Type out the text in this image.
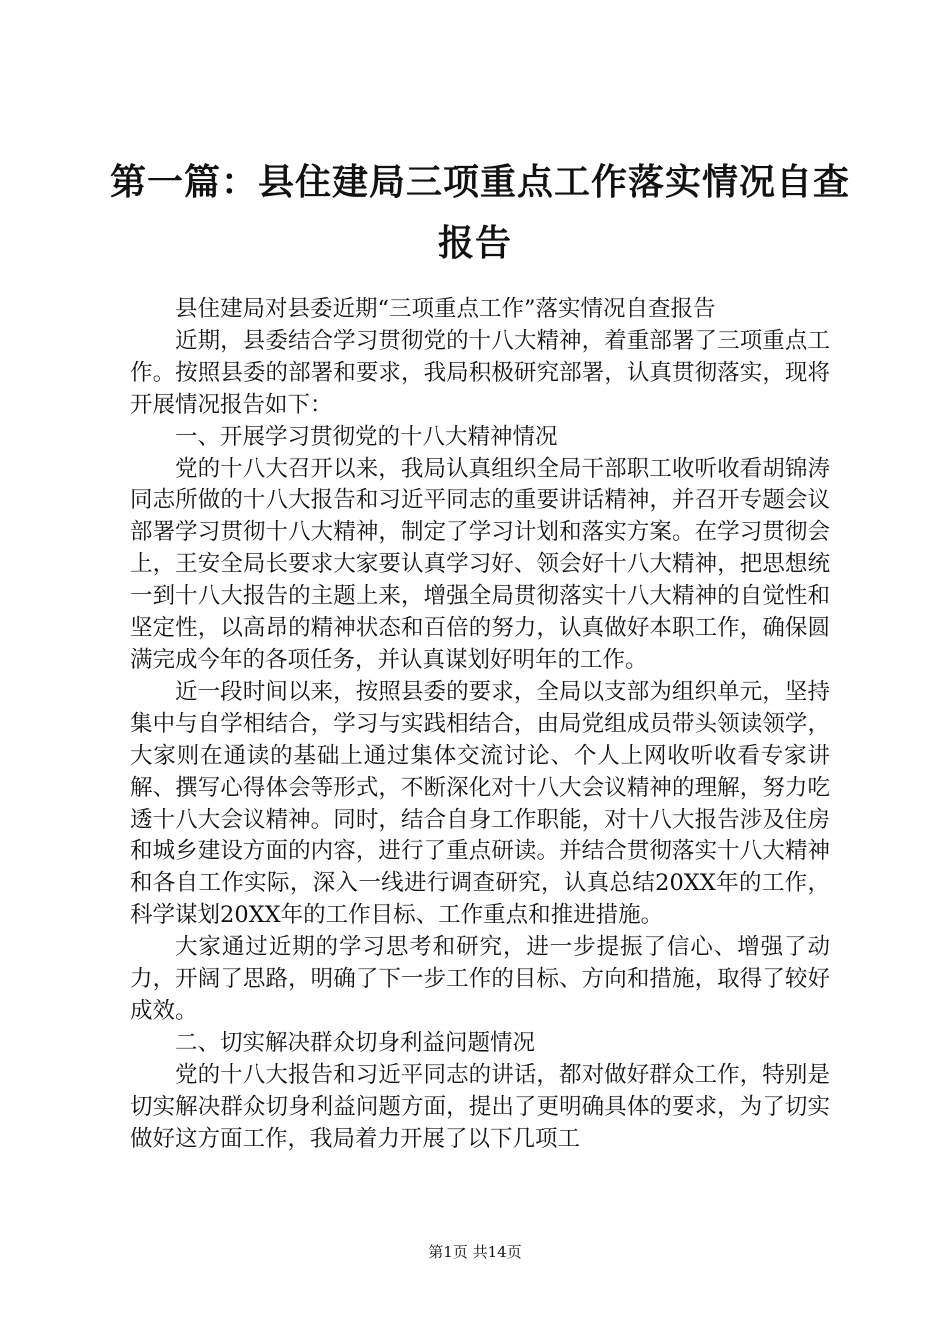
第一篇：县住建局三项重点工作落实情况自查
报告

县住建局对县委近期“三项重点工作”落实情况自查报告

近期，县委结合学习贯彻党的十八大精神，着重部署了三项重点工作。按照县委的部署和要求，我局积极研究部署，认真贯彻落实，现将开展情况报告如下：

一、开展学习贯彻党的十八大精神情况

党的十八大召开以来，我局认真组织全局干部职工收听收看胡锦涛同志所做的十八大报告和习近平同志的重要讲话精神，并召开专题会议部署学习贯彻十八大精神，制定了学习计划和落实方案。在学习贯彻会上，王安全局长要求大家要认真学习好、领会好十八大精神，把思想统一到十八大报告的主题上来，增强全局贯彻落实十八大精神的自觉性和坚定性，以高昂的精神状态和百倍的努力，认真做好本职工作，确保圆满完成今年的各项任务，并认真谋划好明年的工作。

近一段时间以来，按照县委的要求，全局以支部为组织单元，坚持集中与自学相结合，学习与实践相结合，由局党组成员带头领读领学，大家则在通读的基础上通过集体交流讨论、个人上网收听收看专家讲解、撰写心得体会等形式，不断深化对十八大会议精神的理解，努力吃透十八大会议精神。同时，结合自身工作职能，对十八大报告涉及住房和城乡建设方面的内容，进行了重点研读。并结合贯彻落实十八大精神和各自工作实际，深入一线进行调查研究，认真总结20XX年的工作，科学谋划20XX年的工作目标、工作重点和推进措施。

大家通过近期的学习思考和研究，进一步提振了信心、增强了动力，开阔了思路，明确了下一步工作的目标、方向和措施，取得了较好成效。

二、切实解决群众切身利益问题情况

党的十八大报告和习近平同志的讲话，都对做好群众工作，特别是切实解决群众切身利益问题方面，提出了更明确具体的要求，为了切实做好这方面工作，我局着力开展了以下几项工

第1页 共14页
